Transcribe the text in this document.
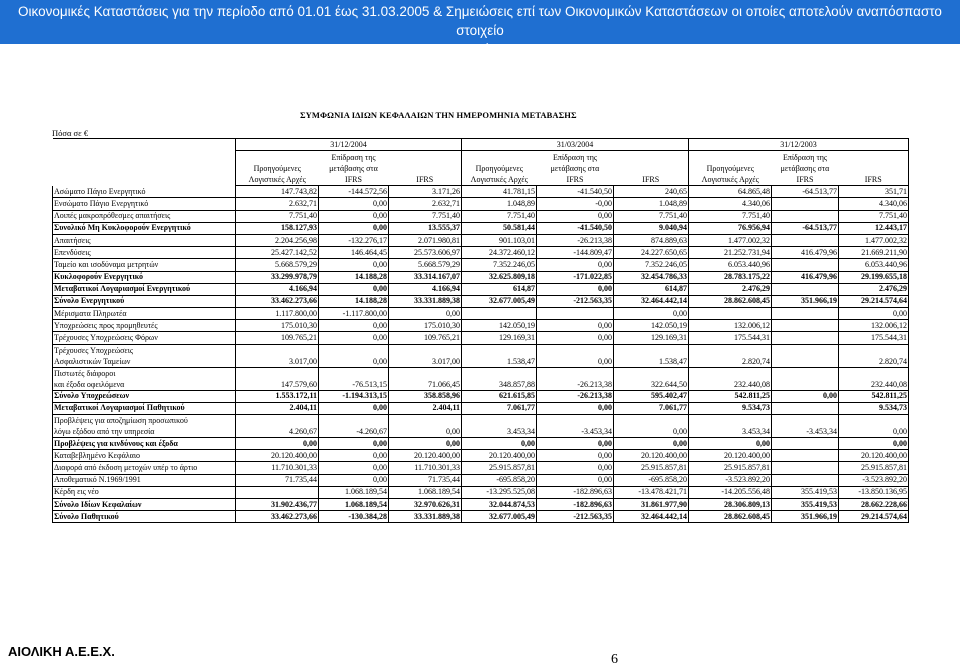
Οικονομικές Καταστάσεις για την περίοδο από 01.01 έως 31.03.2005 & Σημειώσεις επί των Οικονομικών Καταστάσεων οι οποίες αποτελούν αναπόσπαστο στοιχείο
αυτών
ΣΥΜΦΩΝΙΑ ΙΔΙΩΝ ΚΕΦΑΛΑΙΩΝ ΤΗΝ ΗΜΕΡΟΜΗΝΙΑ ΜΕΤΑΒΑΣΗΣ
Πόσα σε €
	31/12/2004			31/03/2004			31/12/2003		
	Προηγούμενες Λογιστικές Αρχές	Επίδραση της μετάβασης στα IFRS	IFRS	Προηγούμενες Λογιστικές Αρχές	Επίδραση της μετάβασης στα IFRS	IFRS	Προηγούμενες Λογιστικές Αρχές	Επίδραση της μετάβασης στα IFRS	IFRS
Ασώματο Πάγιο Ενεργητικό	147.743,82	-144.572,56	3.171,26	41.781,15	-41.540,50	240,65	64.865,48	-64.513,77	351,71
Ενσώματο Πάγιο Ενεργητικό	2.632,71	0,00	2.632,71	1.048,89	-0,00	1.048,89	4.340,06		4.340,06
Λοιπές μακροπρόθεσμες απαιτήσεις	7.751,40	0,00	7.751,40	7.751,40	0,00	7.751,40	7.751,40		7.751,40
Συνολικό Μη Κυκλοφορούν Ενεργητικό	158.127,93	0,00	13.555,37	50.581,44	-41.540,50	9.040,94	76.956,94	-64.513,77	12.443,17
Απαιτήσεις	2.204.256,98	-132.276,17	2.071.980,81	901.103,01	-26.213,38	874.889,63	1.477.002,32		1.477.002,32
Επενδύσεις	25.427.142,52	146.464,45	25.573.606,97	24.372.460,12	-144.809,47	24.227.650,65	21.252.731,94	416.479,96	21.669.211,90
Ταμείο και ισοδύναμα μετρητών	5.668.579,29	0,00	5.668.579,29	7.352.246,05	0,00	7.352.246,05	6.053.440,96		6.053.440,96
Κυκλοφορούν Ενεργητικό	33.299.978,79	14.188,28	33.314.167,07	32.625.809,18	-171.022,85	32.454.786,33	28.783.175,22	416.479,96	29.199.655,18
Μεταβατικοί Λογαριασμοί Ενεργητικού	4.166,94	0,00	4.166,94	614,87	0,00	614,87	2.476,29		2.476,29
Σύνολο Ενεργητικού	33.462.273,66	14.188,28	33.331.889,38	32.677.005,49	-212.563,35	32.464.442,14	28.862.608,45	351.966,19	29.214.574,64
Μέρισματα Πληρωτέα	1.117.800,00	-1.117.800,00	0,00			0,00			0,00
Υποχρεώσεις προς προμηθευτές	175.010,30	0,00	175.010,30	142.050,19	0,00	142.050,19	132.006,12		132.006,12
Τρέχουσες Υποχρεώσεις Φόρων	109.765,21	0,00	109.765,21	129.169,31	0,00	129.169,31	175.544,31		175.544,31

Τρέχουσες Υποχρεώσεις
Ασφαλιστικών Ταμείων	3.017,00	0,00	3.017,00	1.538,47	0,00	1.538,47	2.820,74		2.820,74

Πιστωτές διάφοροι
και έξοδα οφειλόμενα	147.579,60	-76.513,15	71.066,45	348.857,88	-26.213,38	322.644,50	232.440,08		232.440,08
Σύνολο Υποχρεώσεων	1.553.172,11	-1.194.313,15	358.858,96	621.615,85	-26.213,38	595.402,47	542.811,25	0,00	542.811,25
Μεταβατικοί Λογαριασμοί Παθητικού	2.404,11	0,00	2.404,11	7.061,77	0,00	7.061,77	9.534,73		9.534,73

Προβλέψεις για αποζημίωση προσωπικού
λόγω εξόδου από την υπηρεσία	4.260,67	-4.260,67	0,00	3.453,34	-3.453,34	0,00	3.453,34	-3.453,34	0,00
Προβλέψεις για κινδύνους και έξοδα	0,00	0,00	0,00	0,00	0,00	0,00	0,00		0,00
Καταβεβλημένο Κεφάλαιο	20.120.400,00	0,00	20.120.400,00	20.120.400,00	0,00	20.120.400,00	20.120.400,00		20.120.400,00
Διαφορά από έκδοση μετοχών υπέρ το άρτιο	11.710.301,33	0,00	11.710.301,33	25.915.857,81	0,00	25.915.857,81	25.915.857,81		25.915.857,81
Αποθεματικό Ν.1969/1991	71.735,44	0,00	71.735,44	-695.858,20	0,00	-695.858,20	-3.523.892,20		-3.523.892,20
Κέρδη εις νέο		1.068.189,54	1.068.189,54	-13.295.525,08	-182.896,63	-13.478.421,71	-14.205.556,48	355.419,53	-13.850.136,95
Σύνολο Ιδίων Κεφαλαίων	31.902.436,77	1.068.189,54	32.970.626,31	32.044.874,53	-182.896,63	31.861.977,90	28.306.809,13	355.419,53	28.662.228,66
Σύνολο Παθητικού	33.462.273,66	-130.384,28	33.331.889,38	32.677.005,49	-212.563,35	32.464.442,14	28.862.608,45	351.966,19	29.214.574,64
ΑΙΟΛΙΚΗ Α.Ε.Ε.Χ.
6
